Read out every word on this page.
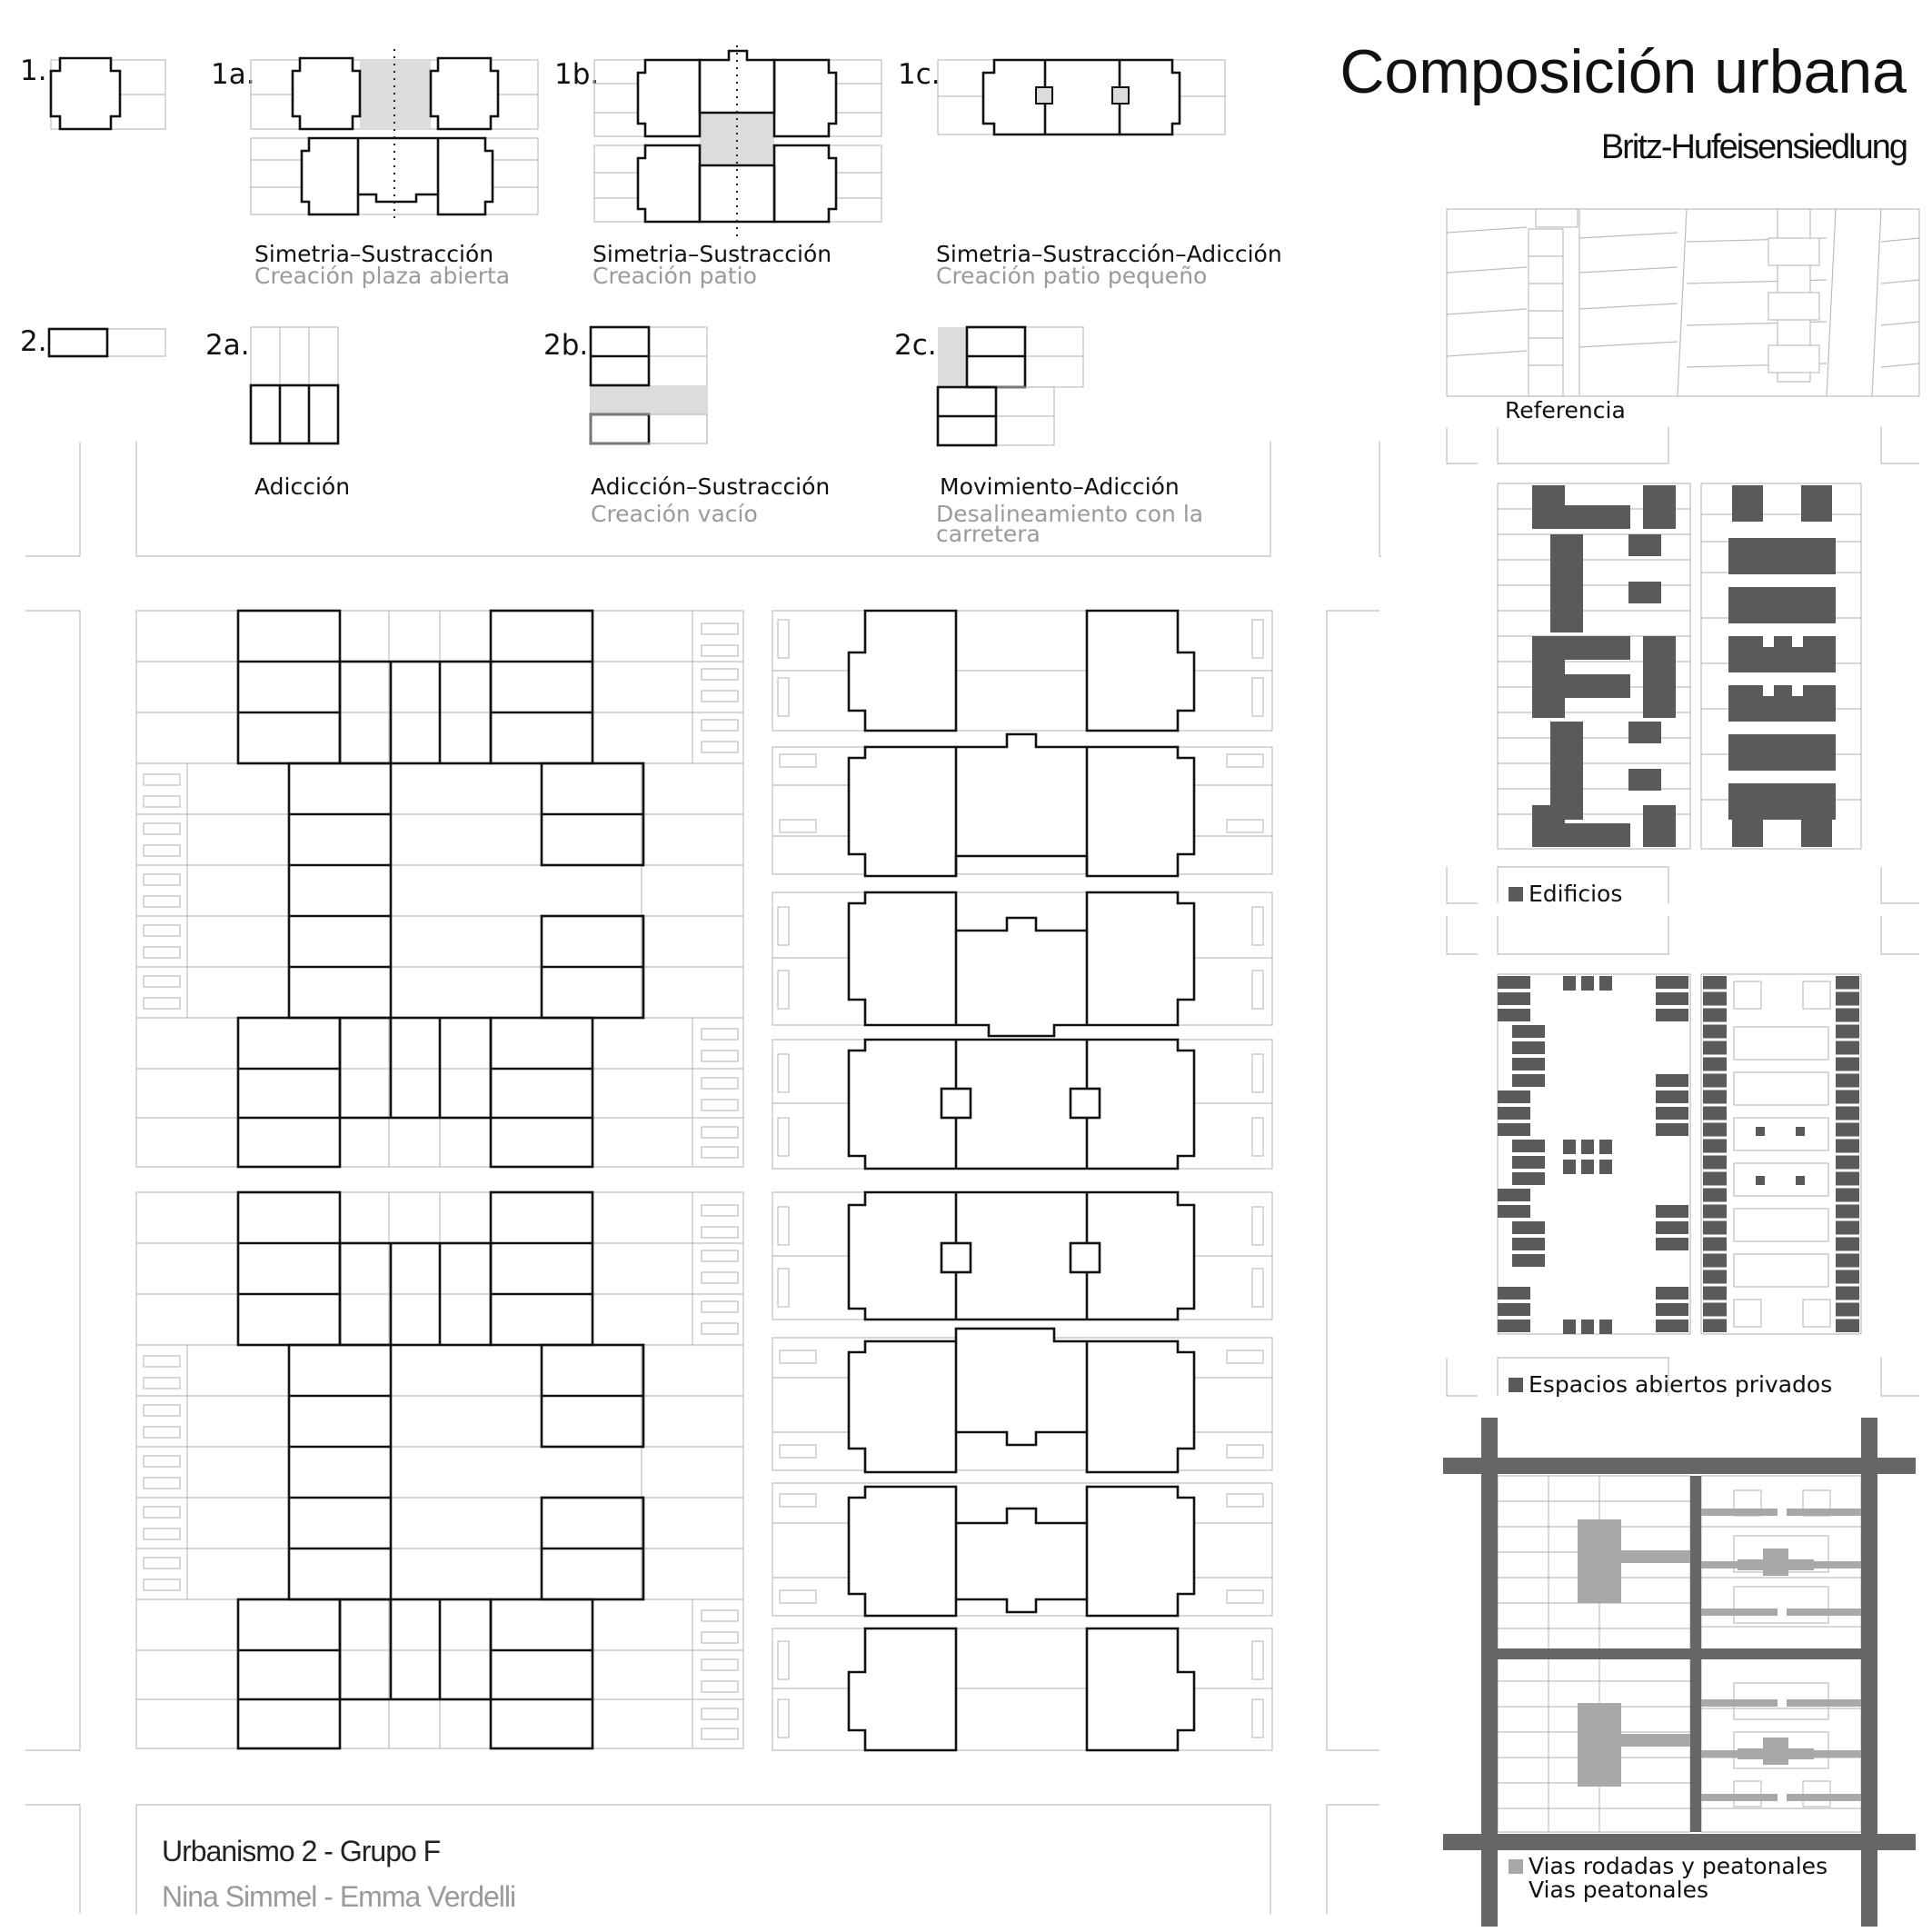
Composición urbana
Britz-Hufeisensiedlung
1.	1a.
Simetria–Sustracción
Creación plaza abierta
1b.
Simetria–Sustracción
Creación patio
1c.
Simetria–Sustracción–Adicción
Creación patio pequeño
2.	2a.
Adicción
2b.
Adicción–Sustracción
Creación vacío
2c.
Movimiento–Adicción
Desalineamiento con la
carretera
Referencia
Edificios
Espacios abiertos privados
Vias rodadas y peatonales
Vias peatonales
Urbanismo 2 - Grupo F
Nina Simmel - Emma Verdelli
